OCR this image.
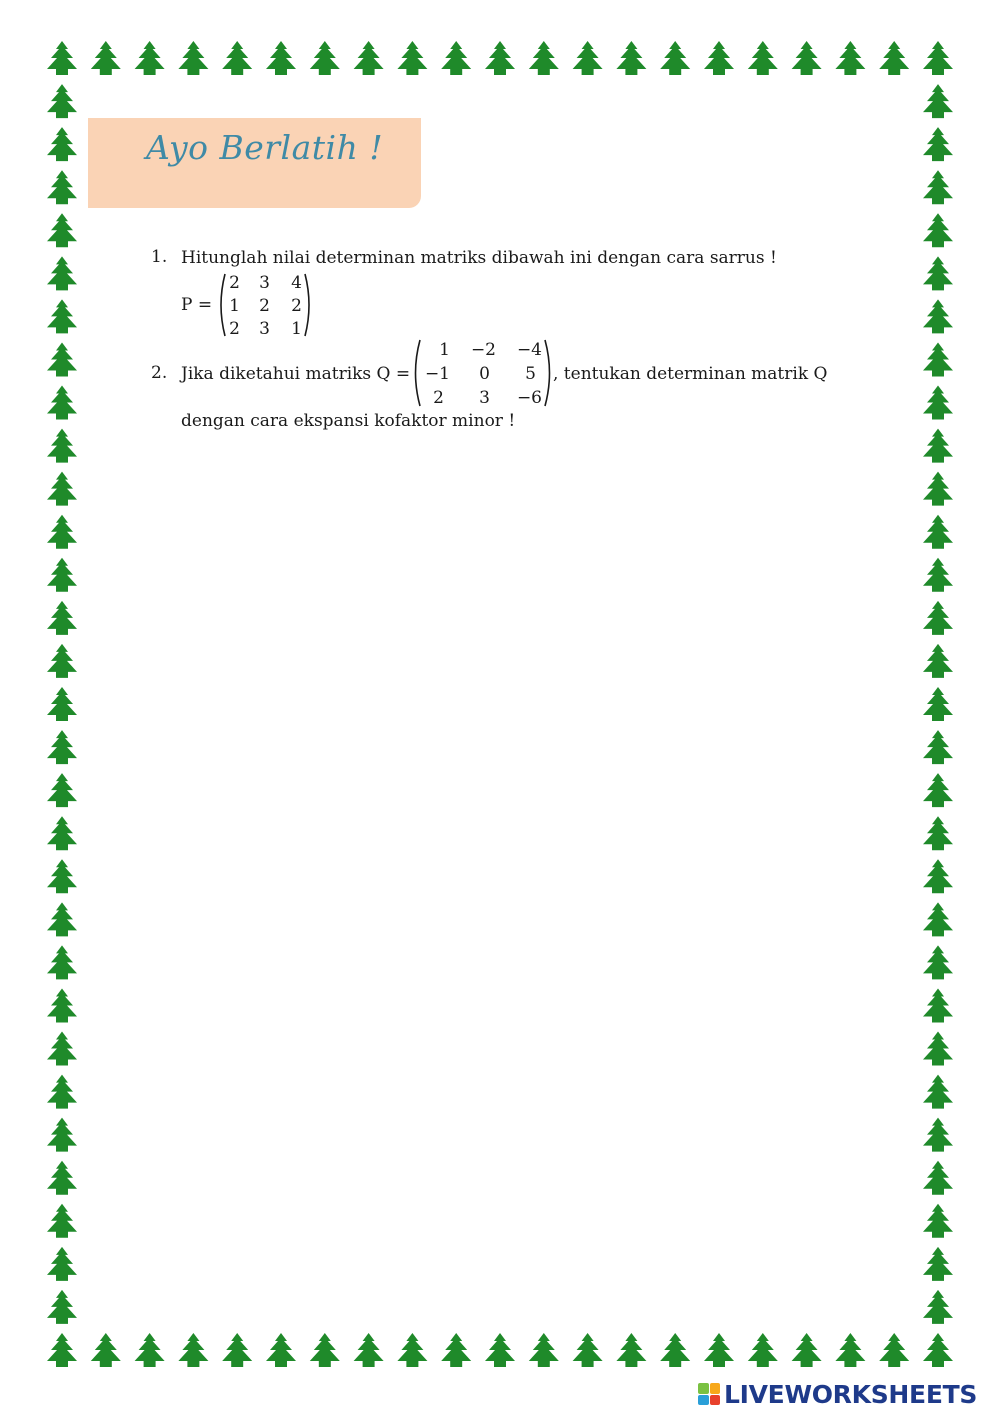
Ayo Berlatih !
1. Hitunglah nilai determinan matriks dibawah ini dengan cara sarrus !
P =
2 3 4
1 2 2
2 3 1
2. Jika diketahui matriks Q =
1 −2	−4
−1	0	5
2	3	−6
, tentukan determinan matrik Q
dengan cara ekspansi kofaktor minor !
LIVEWORKSHEETS
